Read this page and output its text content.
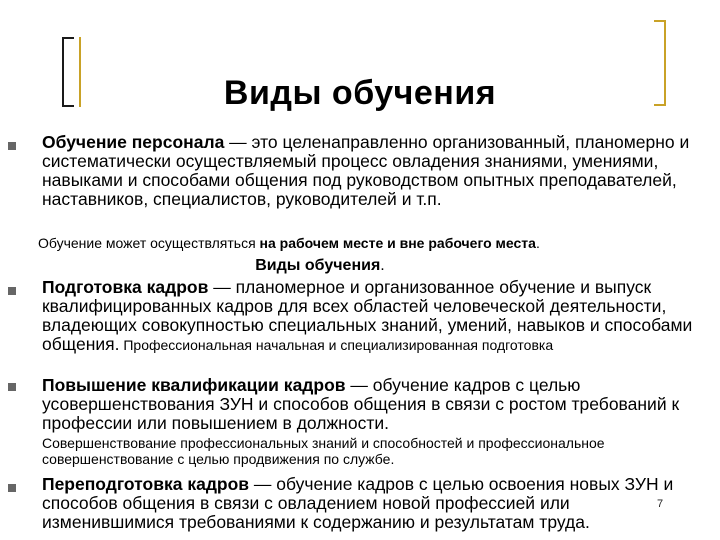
Виды обучения
Обучение персонала — это целенаправленно организованный, планомерно и систематически осуществляемый процесс овладения знаниями, умениями, навыками и способами общения под руководством опытных преподавателей, наставников, специалистов, руководителей и т.п.
Обучение может осуществляться на рабочем месте и вне рабочего места.
Виды обучения.
Подготовка кадров — планомерное и организованное обучение и выпуск квалифицированных кадров для всех областей человеческой деятельности, владеющих совокупностью специальных знаний, умений, навыков и способами общения. Профессиональная начальная и специализированная подготовка
Повышение квалификации кадров — обучение кадров с целью усовершенствования ЗУН и способов общения в связи с ростом требований к профессии или повышением в должности.
Совершенствование профессиональных знаний и способностей и профессиональное совершенствование с целью продвижения по службе.
Переподготовка кадров — обучение кадров с целью освоения новых ЗУН и способов общения в связи с овладением новой профессией или изменившимися требованиями к содержанию и результатам труда.
7
